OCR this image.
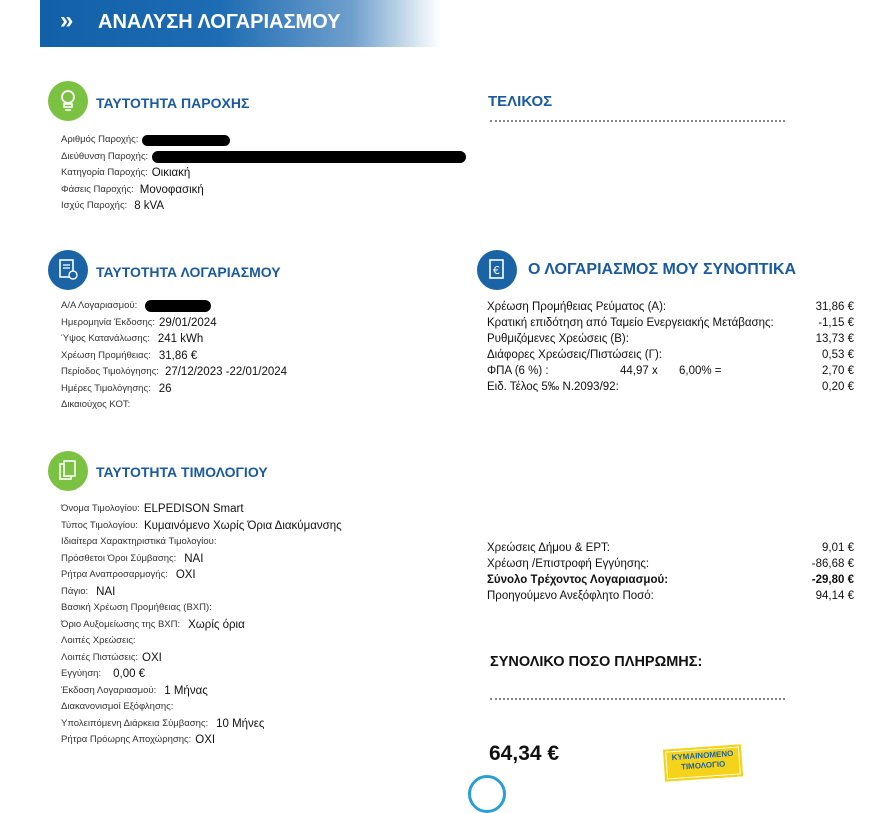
» ΑΝΑΛΥΣΗ ΛΟΓΑΡΙΑΣΜΟΥ
ΤΑΥΤΟΤΗΤΑ ΠΑΡΟΧΗΣ
Αριθμός Παροχής:
Διεύθυνση Παροχής:
Κατηγορία Παροχής: Οικιακή
Φάσεις Παροχής: Μονοφασική
Ισχύς Παροχής: 8 kVA
ΤΕΛΙΚΟΣ
ΤΑΥΤΟΤΗΤΑ ΛΟΓΑΡΙΑΣΜΟΥ
Α/Α Λογαριασμού:
Ημερομηνία Έκδοσης: 29/01/2024
Ύψος Κατανάλωσης: 241 kWh
Χρέωση Προμήθειας: 31,86 €
Περίοδος Τιμολόγησης: 27/12/2023 -22/01/2024
Ημέρες Τιμολόγησης: 26
Δικαιούχος ΚΟΤ:
€ Ο ΛΟΓΑΡΙΑΣΜΟΣ ΜΟΥ ΣΥΝΟΠΤΙΚΑ
Χρέωση Προμήθειας Ρεύματος (Α):	31,86 €
Κρατική επιδότηση από Ταμείο Ενεργειακής Μετάβασης:	-1,15 €
Ρυθμιζόμενες Χρεώσεις (Β):	13,73 €
Διάφορες Χρεώσεις/Πιστώσεις (Γ):	0,53 €
ΦΠΑ (6 %) :	44,97 x	6,00% =	2,70 €
Ειδ. Τέλος 5‰ Ν.2093/92:	0,20 €
ΤΑΥΤΟΤΗΤΑ ΤΙΜΟΛΟΓΙΟΥ
Όνομα Τιμολογίου: ELPEDISON Smart
Τύπος Τιμολογίου: Κυμαινόμενο Χωρίς Όρια Διακύμανσης
Ιδιαίτερα Χαρακτηριστικά Τιμολογίου:
Πρόσθετοι Όροι Σύμβασης: ΝΑΙ
Ρήτρα Αναπροσαρμογής: ΟΧΙ
Πάγιο: ΝΑΙ
Βασική Χρέωση Προμήθειας (ΒΧΠ):
Όριο Αυξομείωσης της ΒΧΠ: Χωρίς όρια
Λοιπές Χρεώσεις:
Λοιπές Πιστώσεις: ΟΧΙ
Εγγύηση: 0,00 €
Έκδοση Λογαριασμού: 1 Μήνας
Διακανονισμοί Εξόφλησης:
Υπολειπόμενη Διάρκεια Σύμβασης: 10 Μήνες
Ρήτρα Πρόωρης Αποχώρησης: ΟΧΙ
Χρεώσεις Δήμου & ΕΡΤ:	9,01 €
Χρέωση /Επιστροφή Εγγύησης:	-86,68 €
Σύνολο Τρέχοντος Λογαριασμού:	-29,80 €
Προηγούμενο Ανεξόφλητο Ποσό:	94,14 €
ΣΥΝΟΛΙΚΟ ΠΟΣΟ ΠΛΗΡΩΜΗΣ:
64,34 €	ΚΥΜΑΙΝΟΜΕΝΟ
ΤΙΜΟΛΟΓΙΟ
